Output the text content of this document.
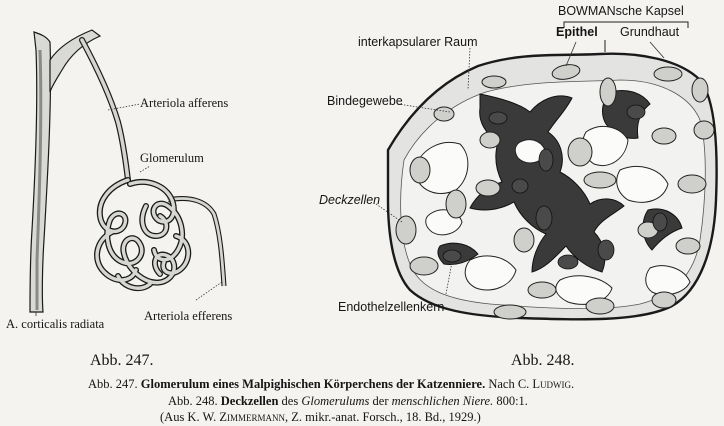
Arteriola afferens
Glomerulum
Arteriola efferens
A. corticalis radiata
BOWMANsche Kapsel
Epithel Grundhaut
interkapsularer Raum
Bindegewebe
Deckzellen
Endothelzellenkern
Abb. 247.	Abb. 248.
Abb. 247. Glomerulum eines Malpighischen Körperchens der Katzenniere. Nach C. Ludwig.
Abb. 248. Deckzellen des Glomerulums der menschlichen Niere. 800:1.
(Aus K. W. Zimmermann, Z. mikr.-anat. Forsch., 18. Bd., 1929.)
